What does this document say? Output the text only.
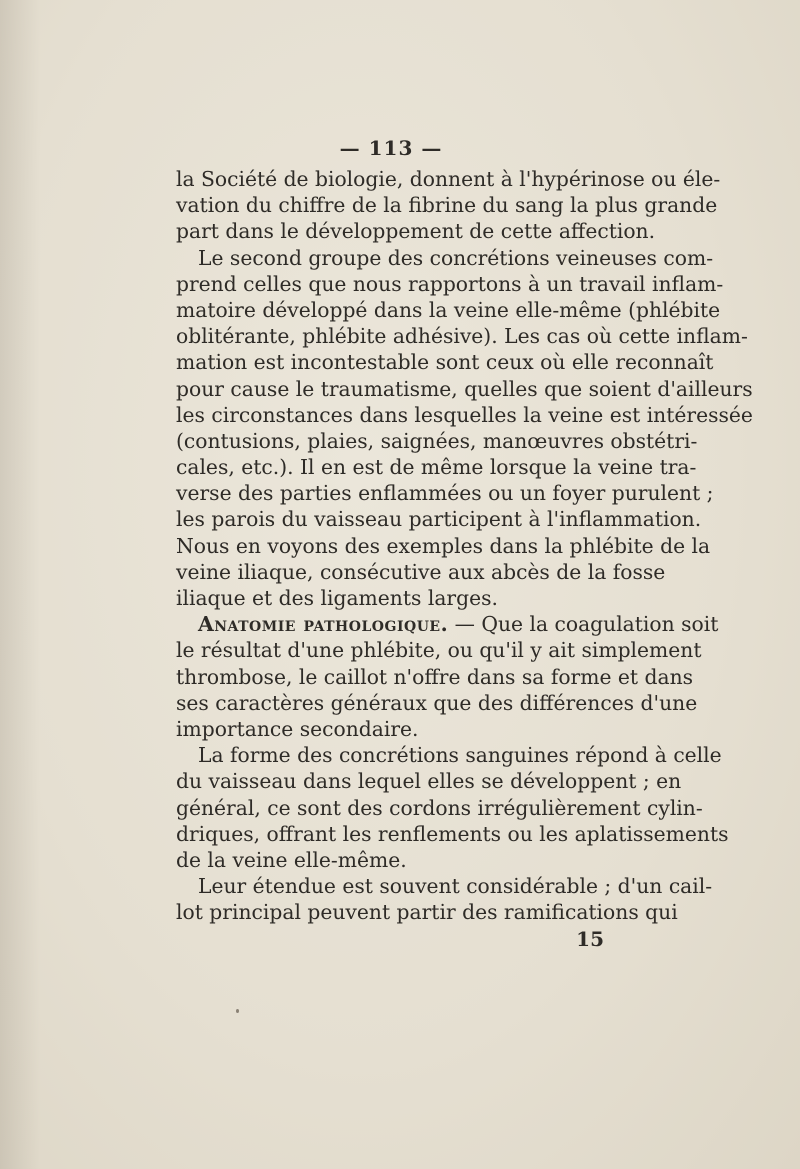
— 113 —
la Société de biologie, donnent à l'hypérinose ou éle-
vation du chiffre de la fibrine du sang la plus grande
part dans le développement de cette affection.
Le second groupe des concrétions veineuses com-
prend celles que nous rapportons à un travail inflam-
matoire développé dans la veine elle-même (phlébite
oblitérante, phlébite adhésive). Les cas où cette inflam-
mation est incontestable sont ceux où elle reconnaît
pour cause le traumatisme, quelles que soient d'ailleurs
les circonstances dans lesquelles la veine est intéressée
(contusions, plaies, saignées, manœuvres obstétri-
cales, etc.). Il en est de même lorsque la veine tra-
verse des parties enflammées ou un foyer purulent ;
les parois du vaisseau participent à l'inflammation.
Nous en voyons des exemples dans la phlébite de la
veine iliaque, consécutive aux abcès de la fosse
iliaque et des ligaments larges.
Anatomie pathologique. — Que la coagulation soit
le résultat d'une phlébite, ou qu'il y ait simplement
thrombose, le caillot n'offre dans sa forme et dans
ses caractères généraux que des différences d'une
importance secondaire.
La forme des concrétions sanguines répond à celle
du vaisseau dans lequel elles se développent ; en
général, ce sont des cordons irrégulièrement cylin-
driques, offrant les renflements ou les aplatissements
de la veine elle-même.
Leur étendue est souvent considérable ; d'un cail-
lot principal peuvent partir des ramifications qui
15
